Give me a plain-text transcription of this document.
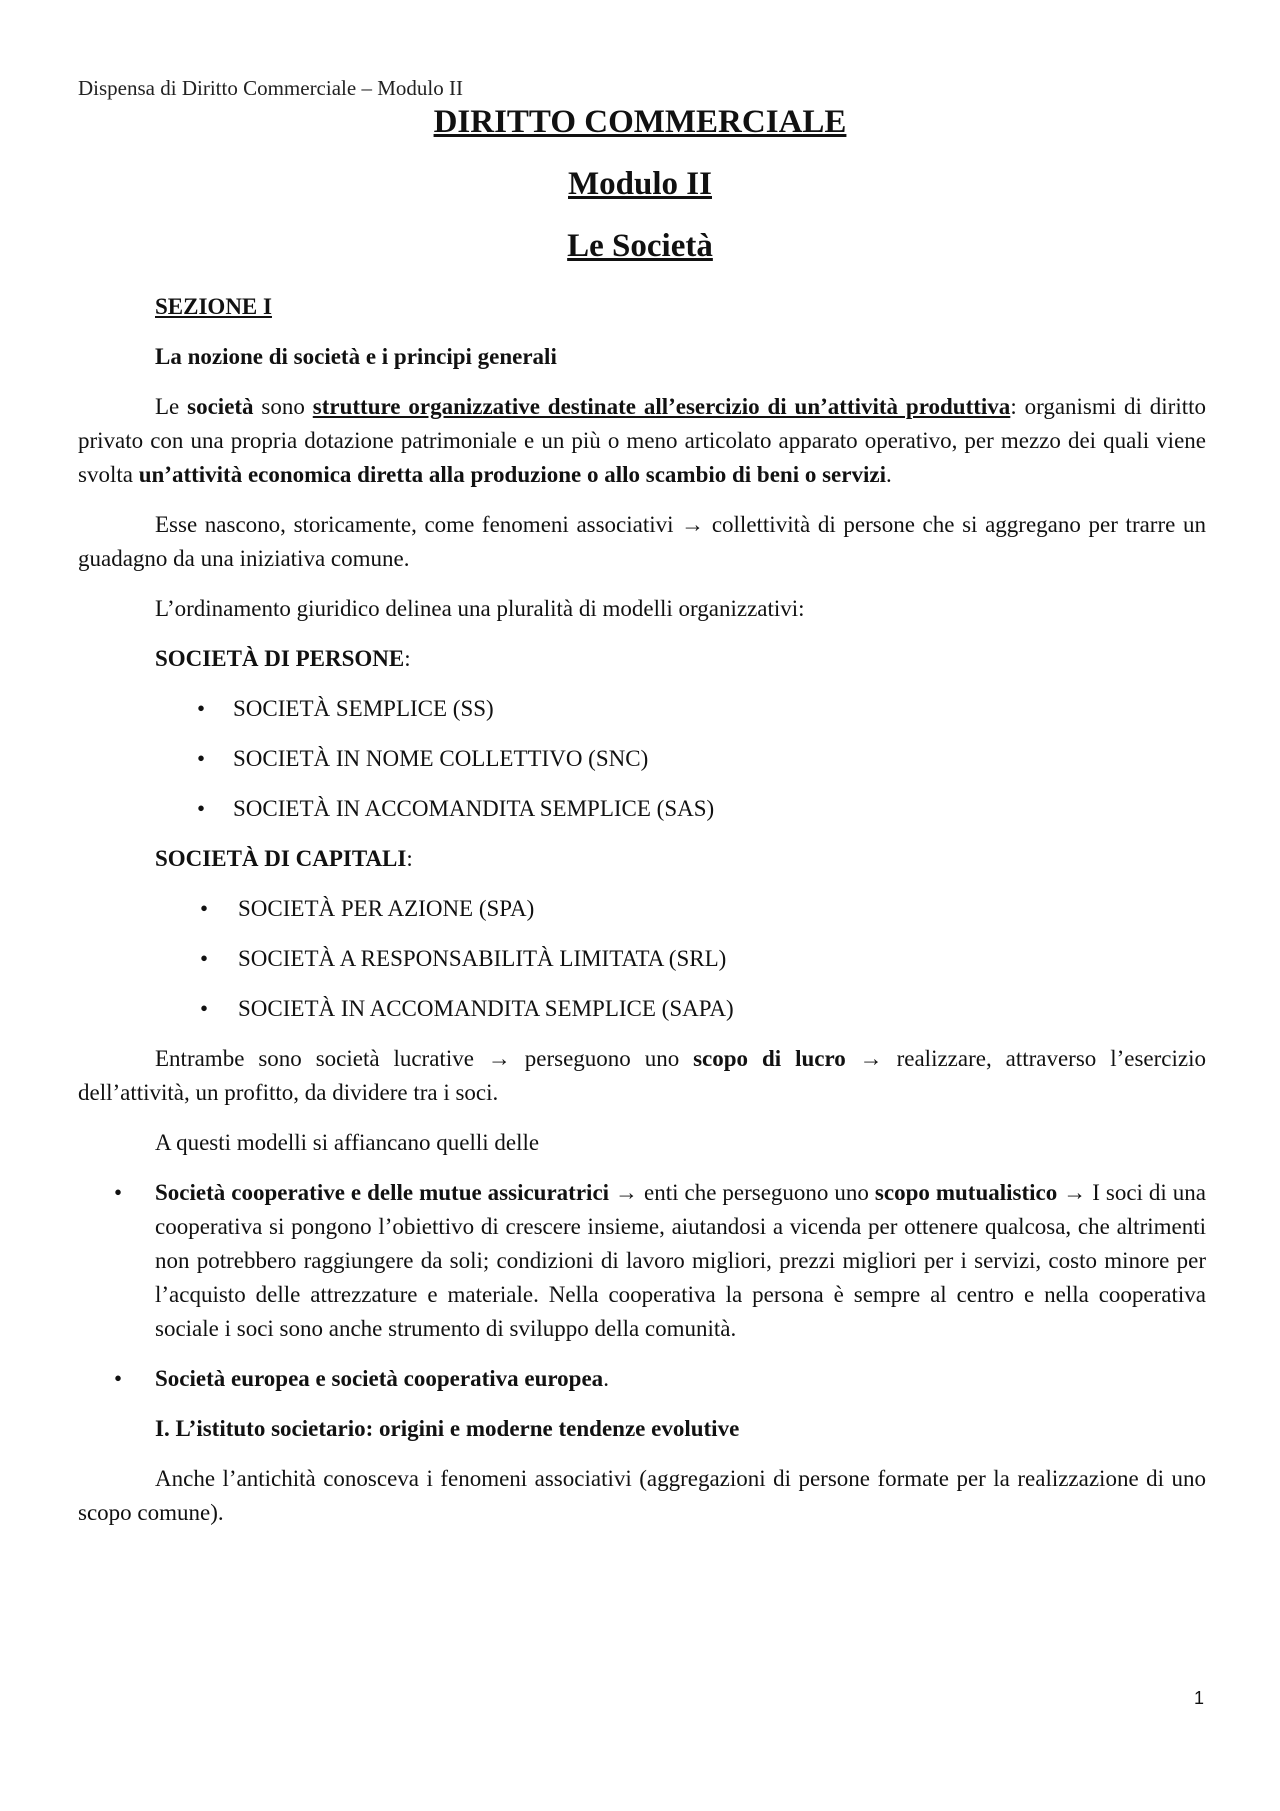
Dispensa di Diritto Commerciale – Modulo II
DIRITTO COMMERCIALE
Modulo II
Le Società
SEZIONE I
La nozione di società e i principi generali

Le società sono strutture organizzative destinate all’esercizio di un’attività produttiva: organismi di diritto privato con una propria dotazione patrimoniale e un più o meno articolato apparato operativo, per mezzo dei quali viene svolta un’attività economica diretta alla produzione o allo scambio di beni o servizi.

Esse nascono, storicamente, come fenomeni associativi → collettività di persone che si aggregano per trarre un guadagno da una iniziativa comune.

L’ordinamento giuridico delinea una pluralità di modelli organizzativi:

SOCIETÀ DI PERSONE:
• SOCIETÀ SEMPLICE (SS)
• SOCIETÀ IN NOME COLLETTIVO (SNC)
• SOCIETÀ IN ACCOMANDITA SEMPLICE (SAS)
SOCIETÀ DI CAPITALI:
• SOCIETÀ PER AZIONE (SPA)
• SOCIETÀ A RESPONSABILITÀ LIMITATA (SRL)
• SOCIETÀ IN ACCOMANDITA SEMPLICE (SAPA)

Entrambe sono società lucrative → perseguono uno scopo di lucro → realizzare, attraverso l’esercizio dell’attività, un profitto, da dividere tra i soci.

A questi modelli si affiancano quelli delle

• Società cooperative e delle mutue assicuratrici → enti che perseguono uno scopo mutualistico → I soci di una cooperativa si pongono l’obiettivo di crescere insieme, aiutandosi a vicenda per ottenere qualcosa, che altrimenti non potrebbero raggiungere da soli; condizioni di lavoro migliori, prezzi migliori per i servizi, costo minore per l’acquisto delle attrezzature e materiale. Nella cooperativa la persona è sempre al centro e nella cooperativa sociale i soci sono anche strumento di sviluppo della comunità.
• Società europea e società cooperativa europea.
I. L’istituto societario: origini e moderne tendenze evolutive

Anche l’antichità conosceva i fenomeni associativi (aggregazioni di persone formate per la realizzazione di uno scopo comune).

1
